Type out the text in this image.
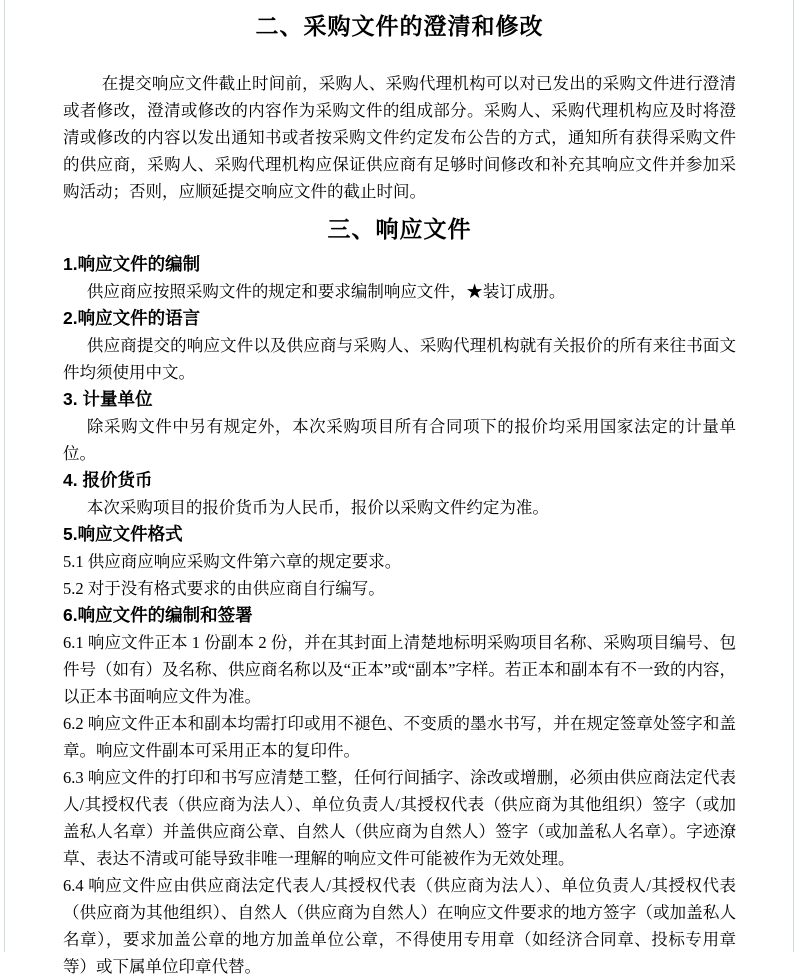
二、采购文件的澄清和修改

在提交响应文件截止时间前，采购人、采购代理机构可以对已发出的采购文件进行澄清或者修改，澄清或修改的内容作为采购文件的组成部分。采购人、采购代理机构应及时将澄清或修改的内容以发出通知书或者按采购文件约定发布公告的方式，通知所有获得采购文件的供应商，采购人、采购代理机构应保证供应商有足够时间修改和补充其响应文件并参加采购活动；否则，应顺延提交响应文件的截止时间。

三、响应文件
1.响应文件的编制

供应商应按照采购文件的规定和要求编制响应文件，★装订成册。

2.响应文件的语言

供应商提交的响应文件以及供应商与采购人、采购代理机构就有关报价的所有来往书面文件均须使用中文。

3. 计量单位

除采购文件中另有规定外，本次采购项目所有合同项下的报价均采用国家法定的计量单位。

4. 报价货币

本次采购项目的报价货币为人民币，报价以采购文件约定为准。

5.响应文件格式

5.1 供应商应响应采购文件第六章的规定要求。

5.2 对于没有格式要求的由供应商自行编写。

6.响应文件的编制和签署

6.1 响应文件正本 1 份副本 2 份，并在其封面上清楚地标明采购项目名称、采购项目编号、包件号（如有）及名称、供应商名称以及“正本”或“副本”字样。若正本和副本有不一致的内容，以正本书面响应文件为准。

6.2 响应文件正本和副本均需打印或用不褪色、不变质的墨水书写，并在规定签章处签字和盖章。响应文件副本可采用正本的复印件。

6.3 响应文件的打印和书写应清楚工整，任何行间插字、涂改或增删，必须由供应商法定代表人/其授权代表（供应商为法人）、单位负责人/其授权代表（供应商为其他组织）签字（或加盖私人名章）并盖供应商公章、自然人（供应商为自然人）签字（或加盖私人名章）。字迹潦草、表达不清或可能导致非唯一理解的响应文件可能被作为无效处理。

6.4 响应文件应由供应商法定代表人/其授权代表（供应商为法人）、单位负责人/其授权代表（供应商为其他组织）、自然人（供应商为自然人）在响应文件要求的地方签字（或加盖私人名章），要求加盖公章的地方加盖单位公章，不得使用专用章（如经济合同章、投标专用章等）或下属单位印章代替。
